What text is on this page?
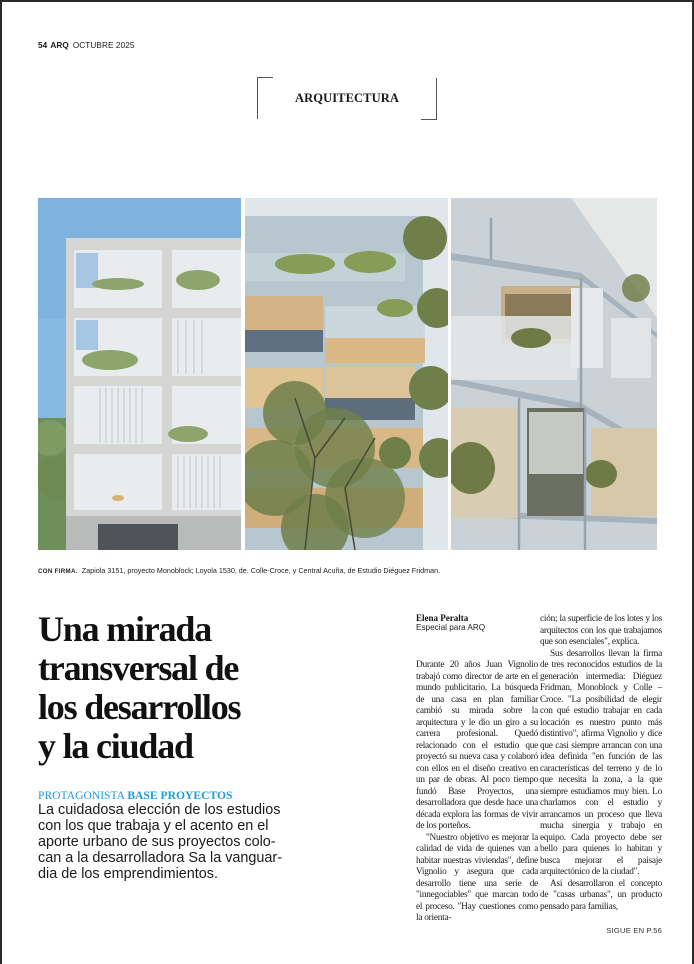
54 ARQ OCTUBRE 2025
ARQUITECTURA
CON FIRMA. Zapiola 3151, proyecto Monoblock; Loyola 1530, de. Colle-Croce, y Central Acuña, de Estudio Diéguez Fridman.
Una mirada
transversal de
los desarrollos
y la ciudad
PROTAGONISTA BASE PROYECTOS
La cuidadosa elección de los estudios
con los que trabaja y el acento en el
aporte urbano de sus proyectos colo-
can a la desarrolladora Sa la vanguar-
dia de los emprendimientos.
Elena Peralta
Especial para ARQ

Durante 20 años Juan Vignolio trabajó como director de arte en el mundo publicitario. La búsqueda de una casa en plan familiar cambió su mirada sobre la arquitectura y le dio un giro a su carrera profesional. Quedó relacionado con el estudio que proyectó su nueva casa y colaboró con ellos en el diseño creativo en un par de obras. Al poco tiempo fundó Base Proyectos, una desarrolladora que desde hace una década explora las formas de vivir de los porteños.

"Nuestro objetivo es mejorar la calidad de vida de quienes van a habitar nuestras viviendas", define Vignolio y asegura que cada desarrollo tiene una serie de "innegociables" que marcan todo el proceso. "Hay cuestiones como la orienta-

ción; la superficie de los lotes y los arquitectos con los que trabajamos que son esenciales", explica.

Sus desarrollos llevan la firma de tres reconocidos estudios de la generación intermedia: Diéguez Fridman, Monoblock y Colle – Croce. "La posibilidad de elegir con qué estudio trabajar en cada locación es nuestro punto más distintivo", afirma Vignolio y dice que casi siempre arrancan con una idea definida "en función de las características del terreno y de lo que necesita la zona, a la que siempre estudiamos muy bien. Lo charlamos con el estudio y arrancamos un proceso que lleva mucha sinergia y trabajo en equipo. Cada proyecto debe ser bello para quienes lo habitan y busca mejorar el paisaje arquitectónico de la ciudad".

Así desarrollaron el concepto de "casas urbanas", un producto pensado para familias,

SIGUE EN P.56
